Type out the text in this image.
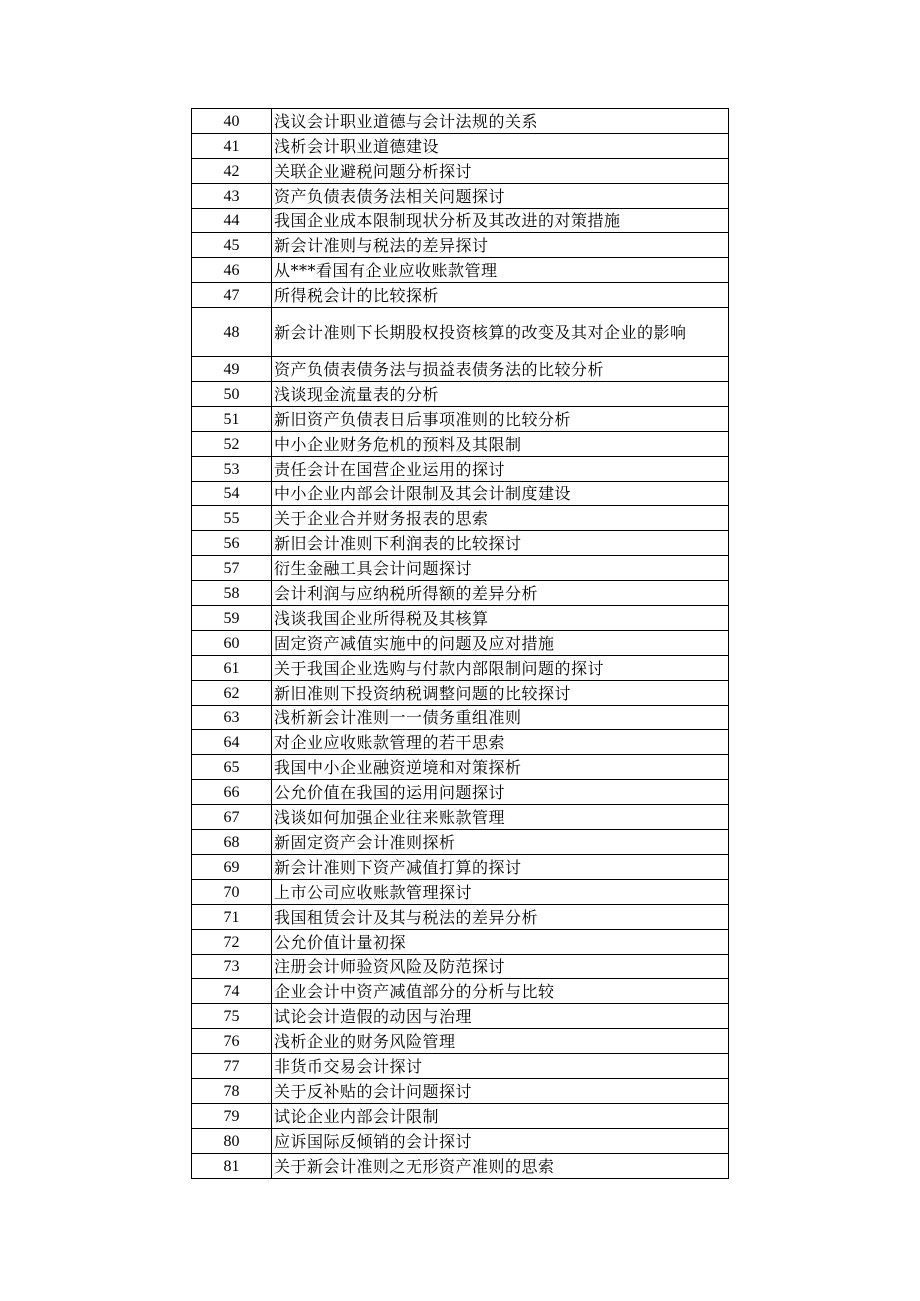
40	浅议会计职业道德与会计法规的关系
41	浅析会计职业道德建设
42	关联企业避税问题分析探讨
43	资产负债表债务法相关问题探讨
44	我国企业成本限制现状分析及其改进的对策措施
45	新会计准则与税法的差异探讨
46	从***看国有企业应收账款管理
47	所得税会计的比较探析
48	新会计准则下长期股权投资核算的改变及其对企业的影响
49	资产负债表债务法与损益表债务法的比较分析
50	浅谈现金流量表的分析
51	新旧资产负债表日后事项准则的比较分析
52	中小企业财务危机的预料及其限制
53	责任会计在国营企业运用的探讨
54	中小企业内部会计限制及其会计制度建设
55	关于企业合并财务报表的思索
56	新旧会计准则下利润表的比较探讨
57	衍生金融工具会计问题探讨
58	会计利润与应纳税所得额的差异分析
59	浅谈我国企业所得税及其核算
60	固定资产减值实施中的问题及应对措施
61	关于我国企业选购与付款内部限制问题的探讨
62	新旧准则下投资纳税调整问题的比较探讨
63	浅析新会计准则一一债务重组准则
64	对企业应收账款管理的若干思索
65	我国中小企业融资逆境和对策探析
66	公允价值在我国的运用问题探讨
67	浅谈如何加强企业往来账款管理
68	新固定资产会计准则探析
69	新会计准则下资产减值打算的探讨
70	上市公司应收账款管理探讨
71	我国租赁会计及其与税法的差异分析
72	公允价值计量初探
73	注册会计师验资风险及防范探讨
74	企业会计中资产减值部分的分析与比较
75	试论会计造假的动因与治理
76	浅析企业的财务风险管理
77	非货币交易会计探讨
78	关于反补贴的会计问题探讨
79	试论企业内部会计限制
80	应诉国际反倾销的会计探讨
81	关于新会计准则之无形资产准则的思索
